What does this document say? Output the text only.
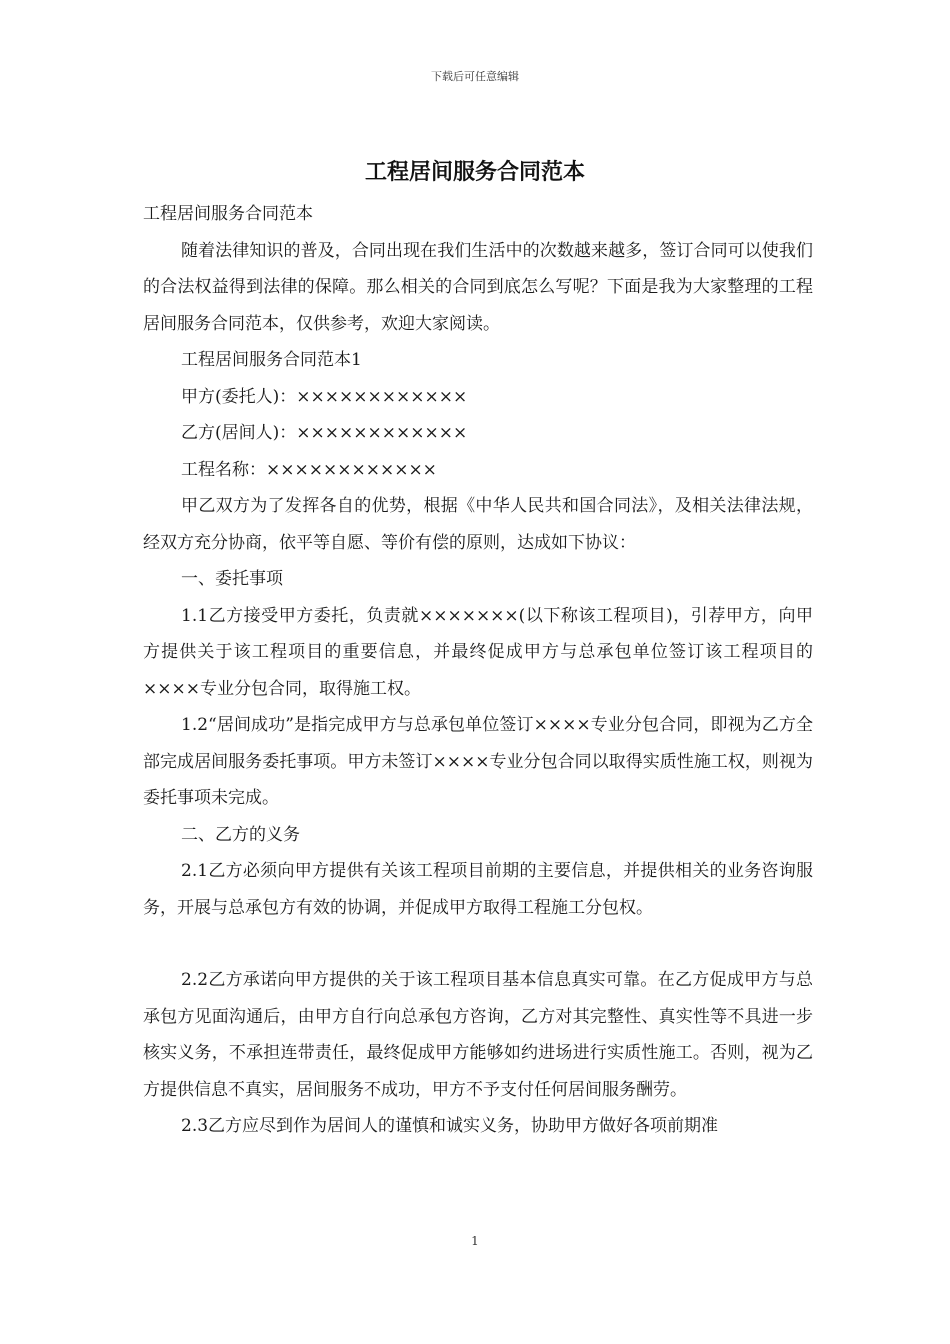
下载后可任意编辑
工程居间服务合同范本

工程居间服务合同范本

随着法律知识的普及，合同出现在我们生活中的次数越来越多，签订合同可以使我们的合法权益得到法律的保障。那么相关的合同到底怎么写呢？下面是我为大家整理的工程居间服务合同范本，仅供参考，欢迎大家阅读。

工程居间服务合同范本1

甲方(委托人)：××××××××××××

乙方(居间人)：××××××××××××

工程名称：××××××××××××

甲乙双方为了发挥各自的优势，根据《中华人民共和国合同法》，及相关法律法规，经双方充分协商，依平等自愿、等价有偿的原则，达成如下协议：

一、委托事项

1.1乙方接受甲方委托，负责就×××××××(以下称该工程项目)，引荐甲方，向甲方提供关于该工程项目的重要信息，并最终促成甲方与总承包单位签订该工程项目的××××专业分包合同，取得施工权。

1.2“居间成功”是指完成甲方与总承包单位签订××××专业分包合同，即视为乙方全部完成居间服务委托事项。甲方未签订××××专业分包合同以取得实质性施工权，则视为委托事项未完成。

二、乙方的义务

2.1乙方必须向甲方提供有关该工程项目前期的主要信息，并提供相关的业务咨询服务，开展与总承包方有效的协调，并促成甲方取得工程施工分包权。

2.2乙方承诺向甲方提供的关于该工程项目基本信息真实可靠。在乙方促成甲方与总承包方见面沟通后，由甲方自行向总承包方咨询，乙方对其完整性、真实性等不具进一步核实义务，不承担连带责任，最终促成甲方能够如约进场进行实质性施工。否则，视为乙方提供信息不真实，居间服务不成功，甲方不予支付任何居间服务酬劳。

2.3乙方应尽到作为居间人的谨慎和诚实义务，协助甲方做好各项前期准

1
